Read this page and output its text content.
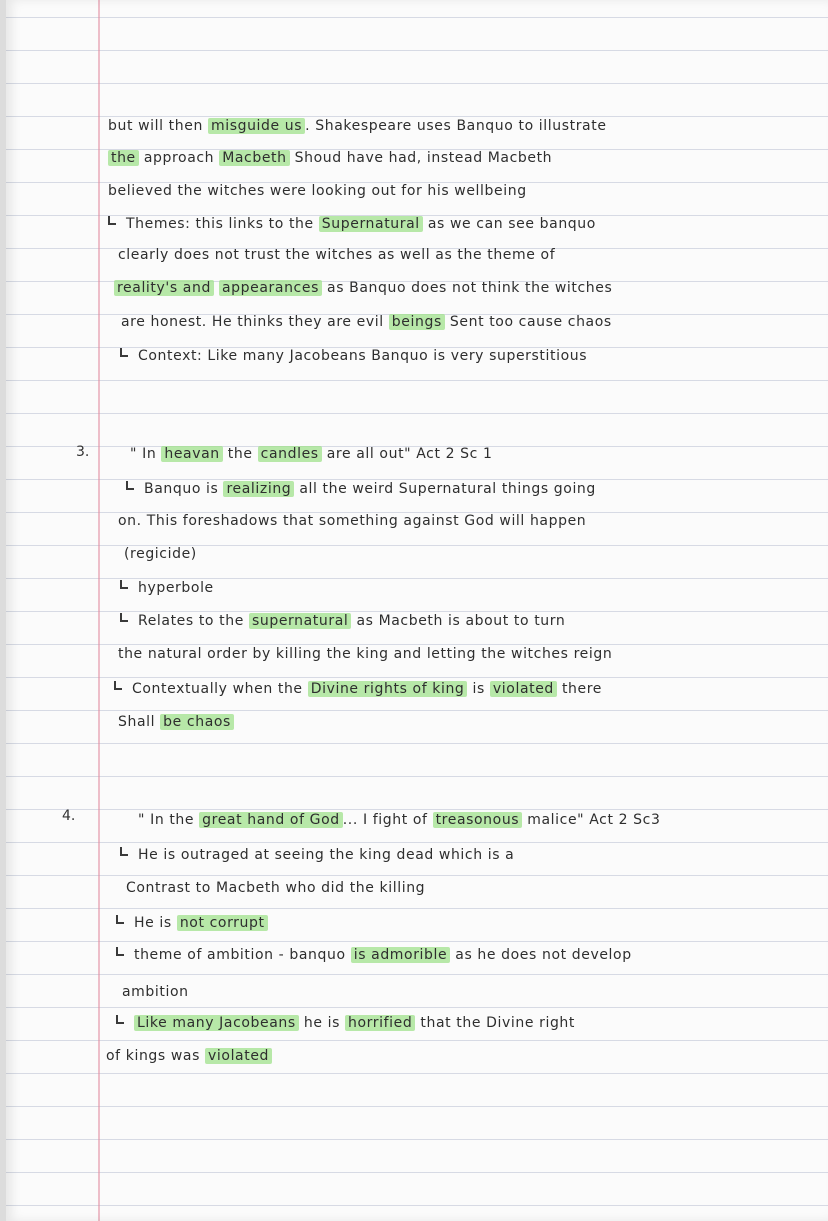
3.
4.
but will then misguide us . Shakespeare uses Banquo to illustrate
the approach Macbeth Shoud have had, instead Macbeth
believed the witches were looking out for his wellbeing
Themes: this links to the Supernatural as we can see banquo
clearly does not trust the witches as well as the theme of
reality's and appearances as Banquo does not think the witches
are honest. He thinks they are evil beings Sent too cause chaos
Context: Like many Jacobeans Banquo is very superstitious
" In heavan the candles are all out" Act 2 Sc 1
Banquo is realizing all the weird Supernatural things going
on. This foreshadows that something against God will happen
(regicide)
hyperbole
Relates to the supernatural as Macbeth is about to turn
the natural order by killing the king and letting the witches reign
Contextually when the Divine rights of king is violated there
Shall be chaos
" In the great hand of God ... I fight of treasonous malice" Act 2 Sc3
He is outraged at seeing the king dead which is a
Contrast to Macbeth who did the killing
He is not corrupt
theme of ambition - banquo is admorible as he does not develop
ambition
Like many Jacobeans he is horrified that the Divine right
of kings was violated
